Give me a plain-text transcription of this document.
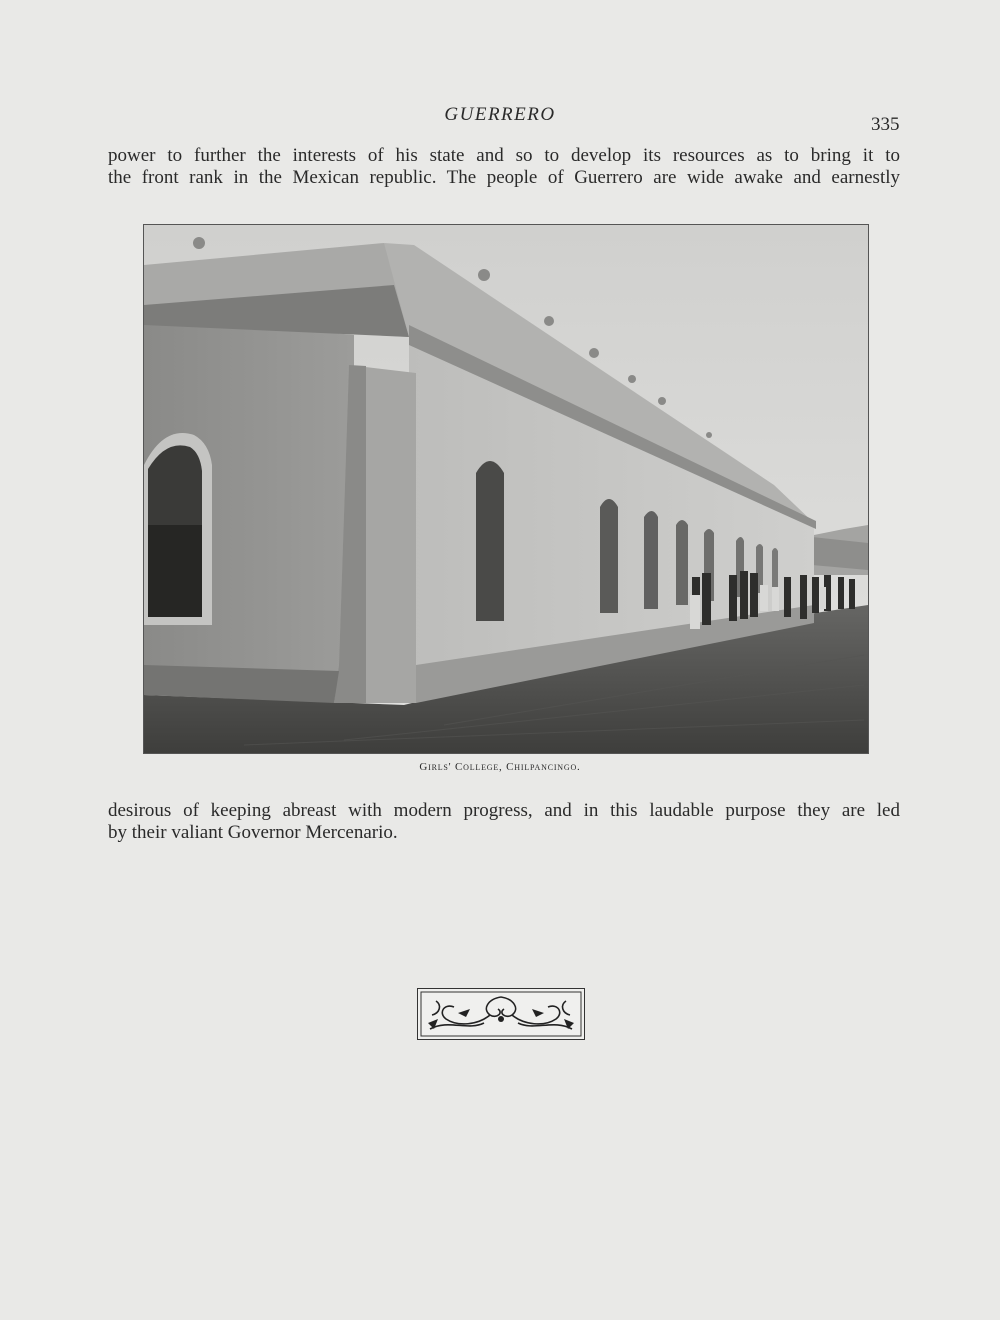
GUERRERO	335
power to further the interests of his state and so to develop its resources as to bring it to
the front rank in the Mexican republic. The people of Guerrero are wide awake and earnestly
Girls' College, Chilpancingo.
desirous of keeping abreast with modern progress, and in this laudable purpose they are led
by their valiant Governor Mercenario.
